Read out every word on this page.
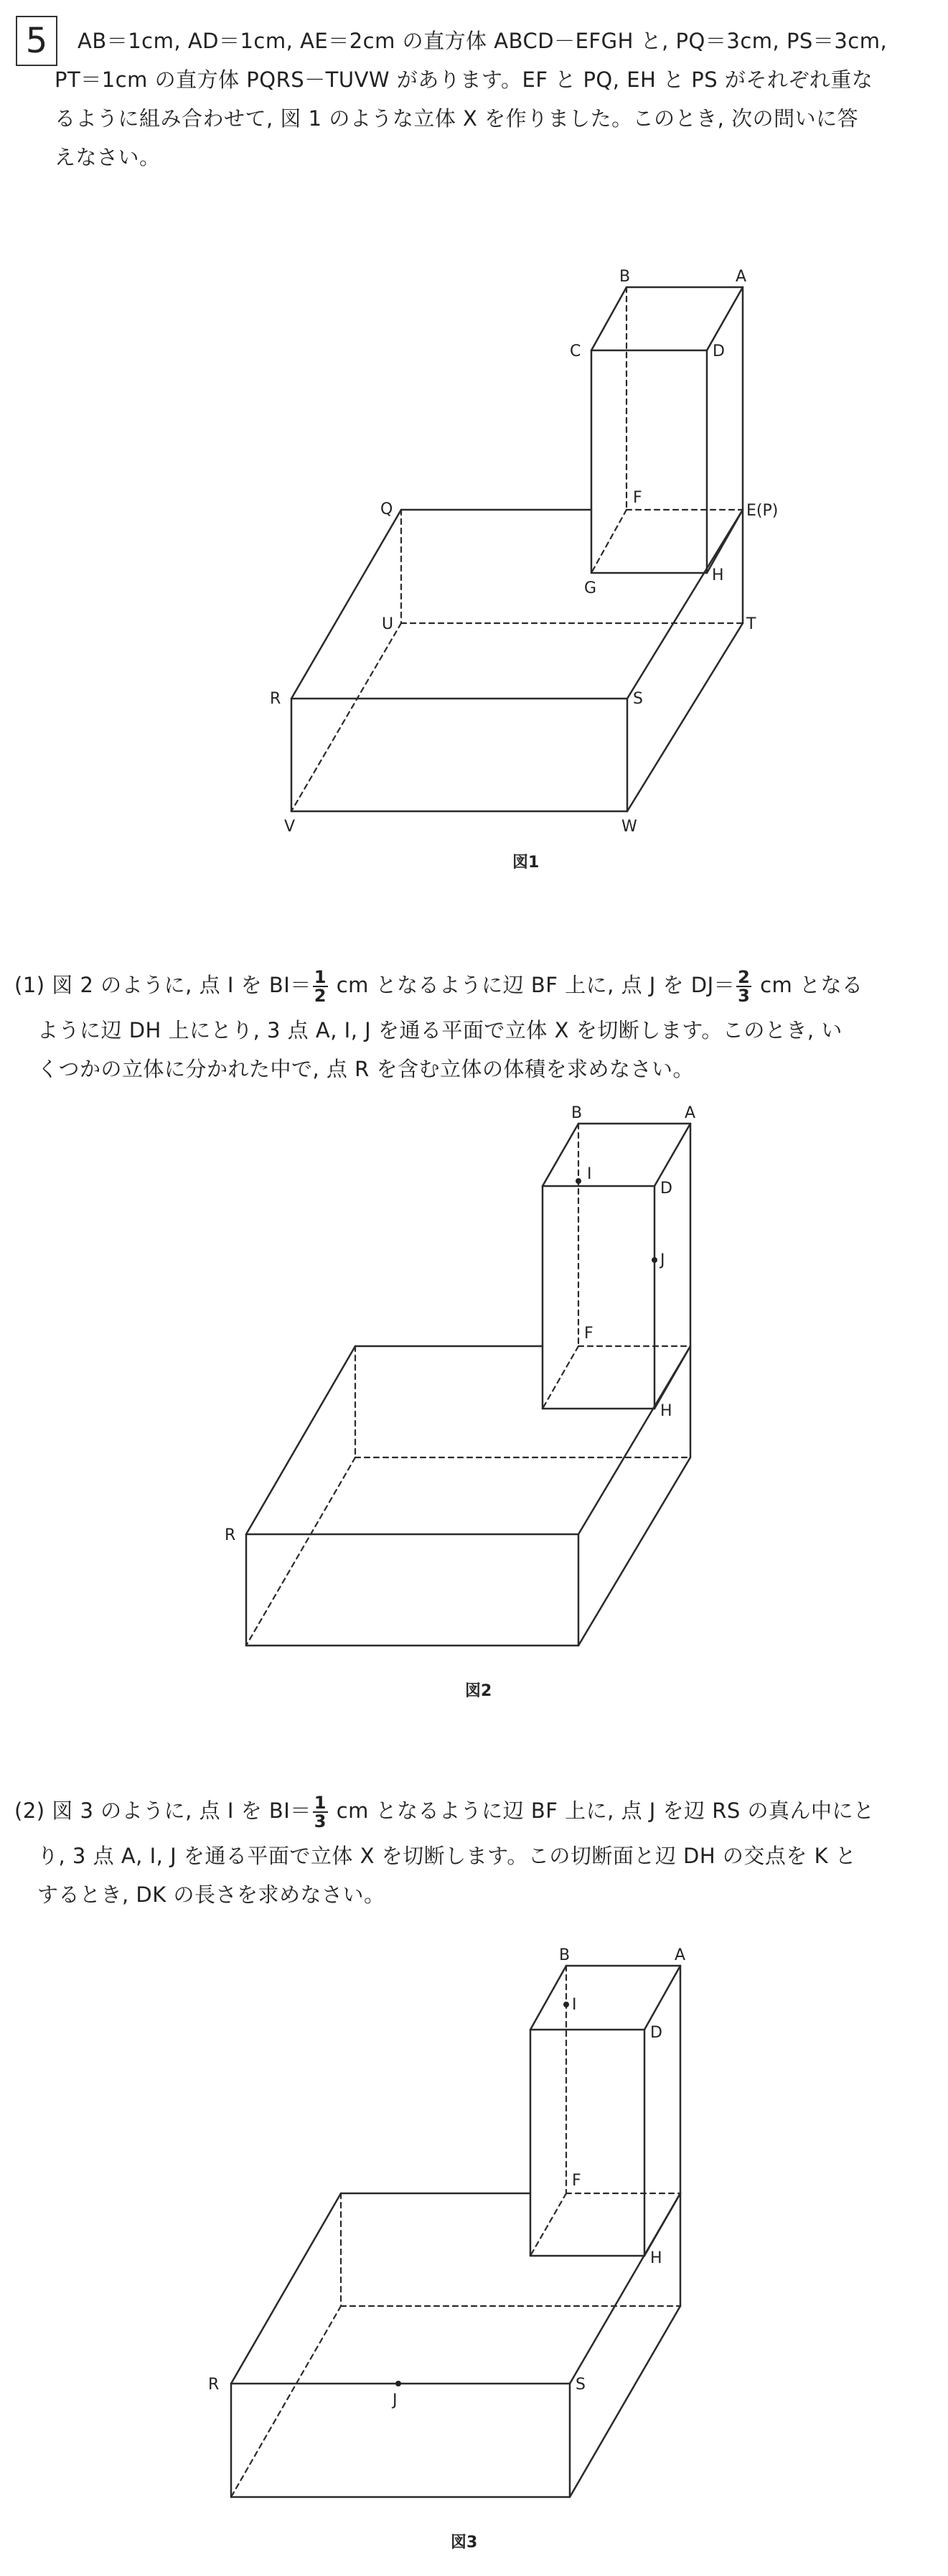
5	AB＝1cm, AD＝1cm, AE＝2cm の直方体 ABCD－EFGH と, PQ＝3cm, PS＝3cm,
PT＝1cm の直方体 PQRS－TUVW があります。EF と PQ, EH と PS がそれぞれ重な
るように組み合わせて, 図 1 のような立体 X を作りました。このとき, 次の問いに答
えなさい。
B	A
C	D
F
E(P)
G
H
Q
U	T
R	S
V	W
図1
(1) 図 2 のように, 点 I を $BI= \frac{1}{2}$ cm となるように辺 BF 上に, 点 J を $DJ= \frac{2}{3}$ cm となる
ように辺 DH 上にとり, 3 点 A, I, J を通る平面で立体 X を切断します。このとき, い
くつかの立体に分かれた中で, 点 R を含む立体の体積を求めなさい。
B	A
I
D
J
F
H
R
図2
(2) 図 3 のように, 点 I を $BI= \frac{1}{3}$ cm となるように辺 BF 上に, 点 J を辺 RS の真ん中にと
り, 3 点 A, I, J を通る平面で立体 X を切断します。この切断面と辺 DH の交点を K と
するとき, DK の長さを求めなさい。
B	A
I
D
F
H
R
J
S
図3
